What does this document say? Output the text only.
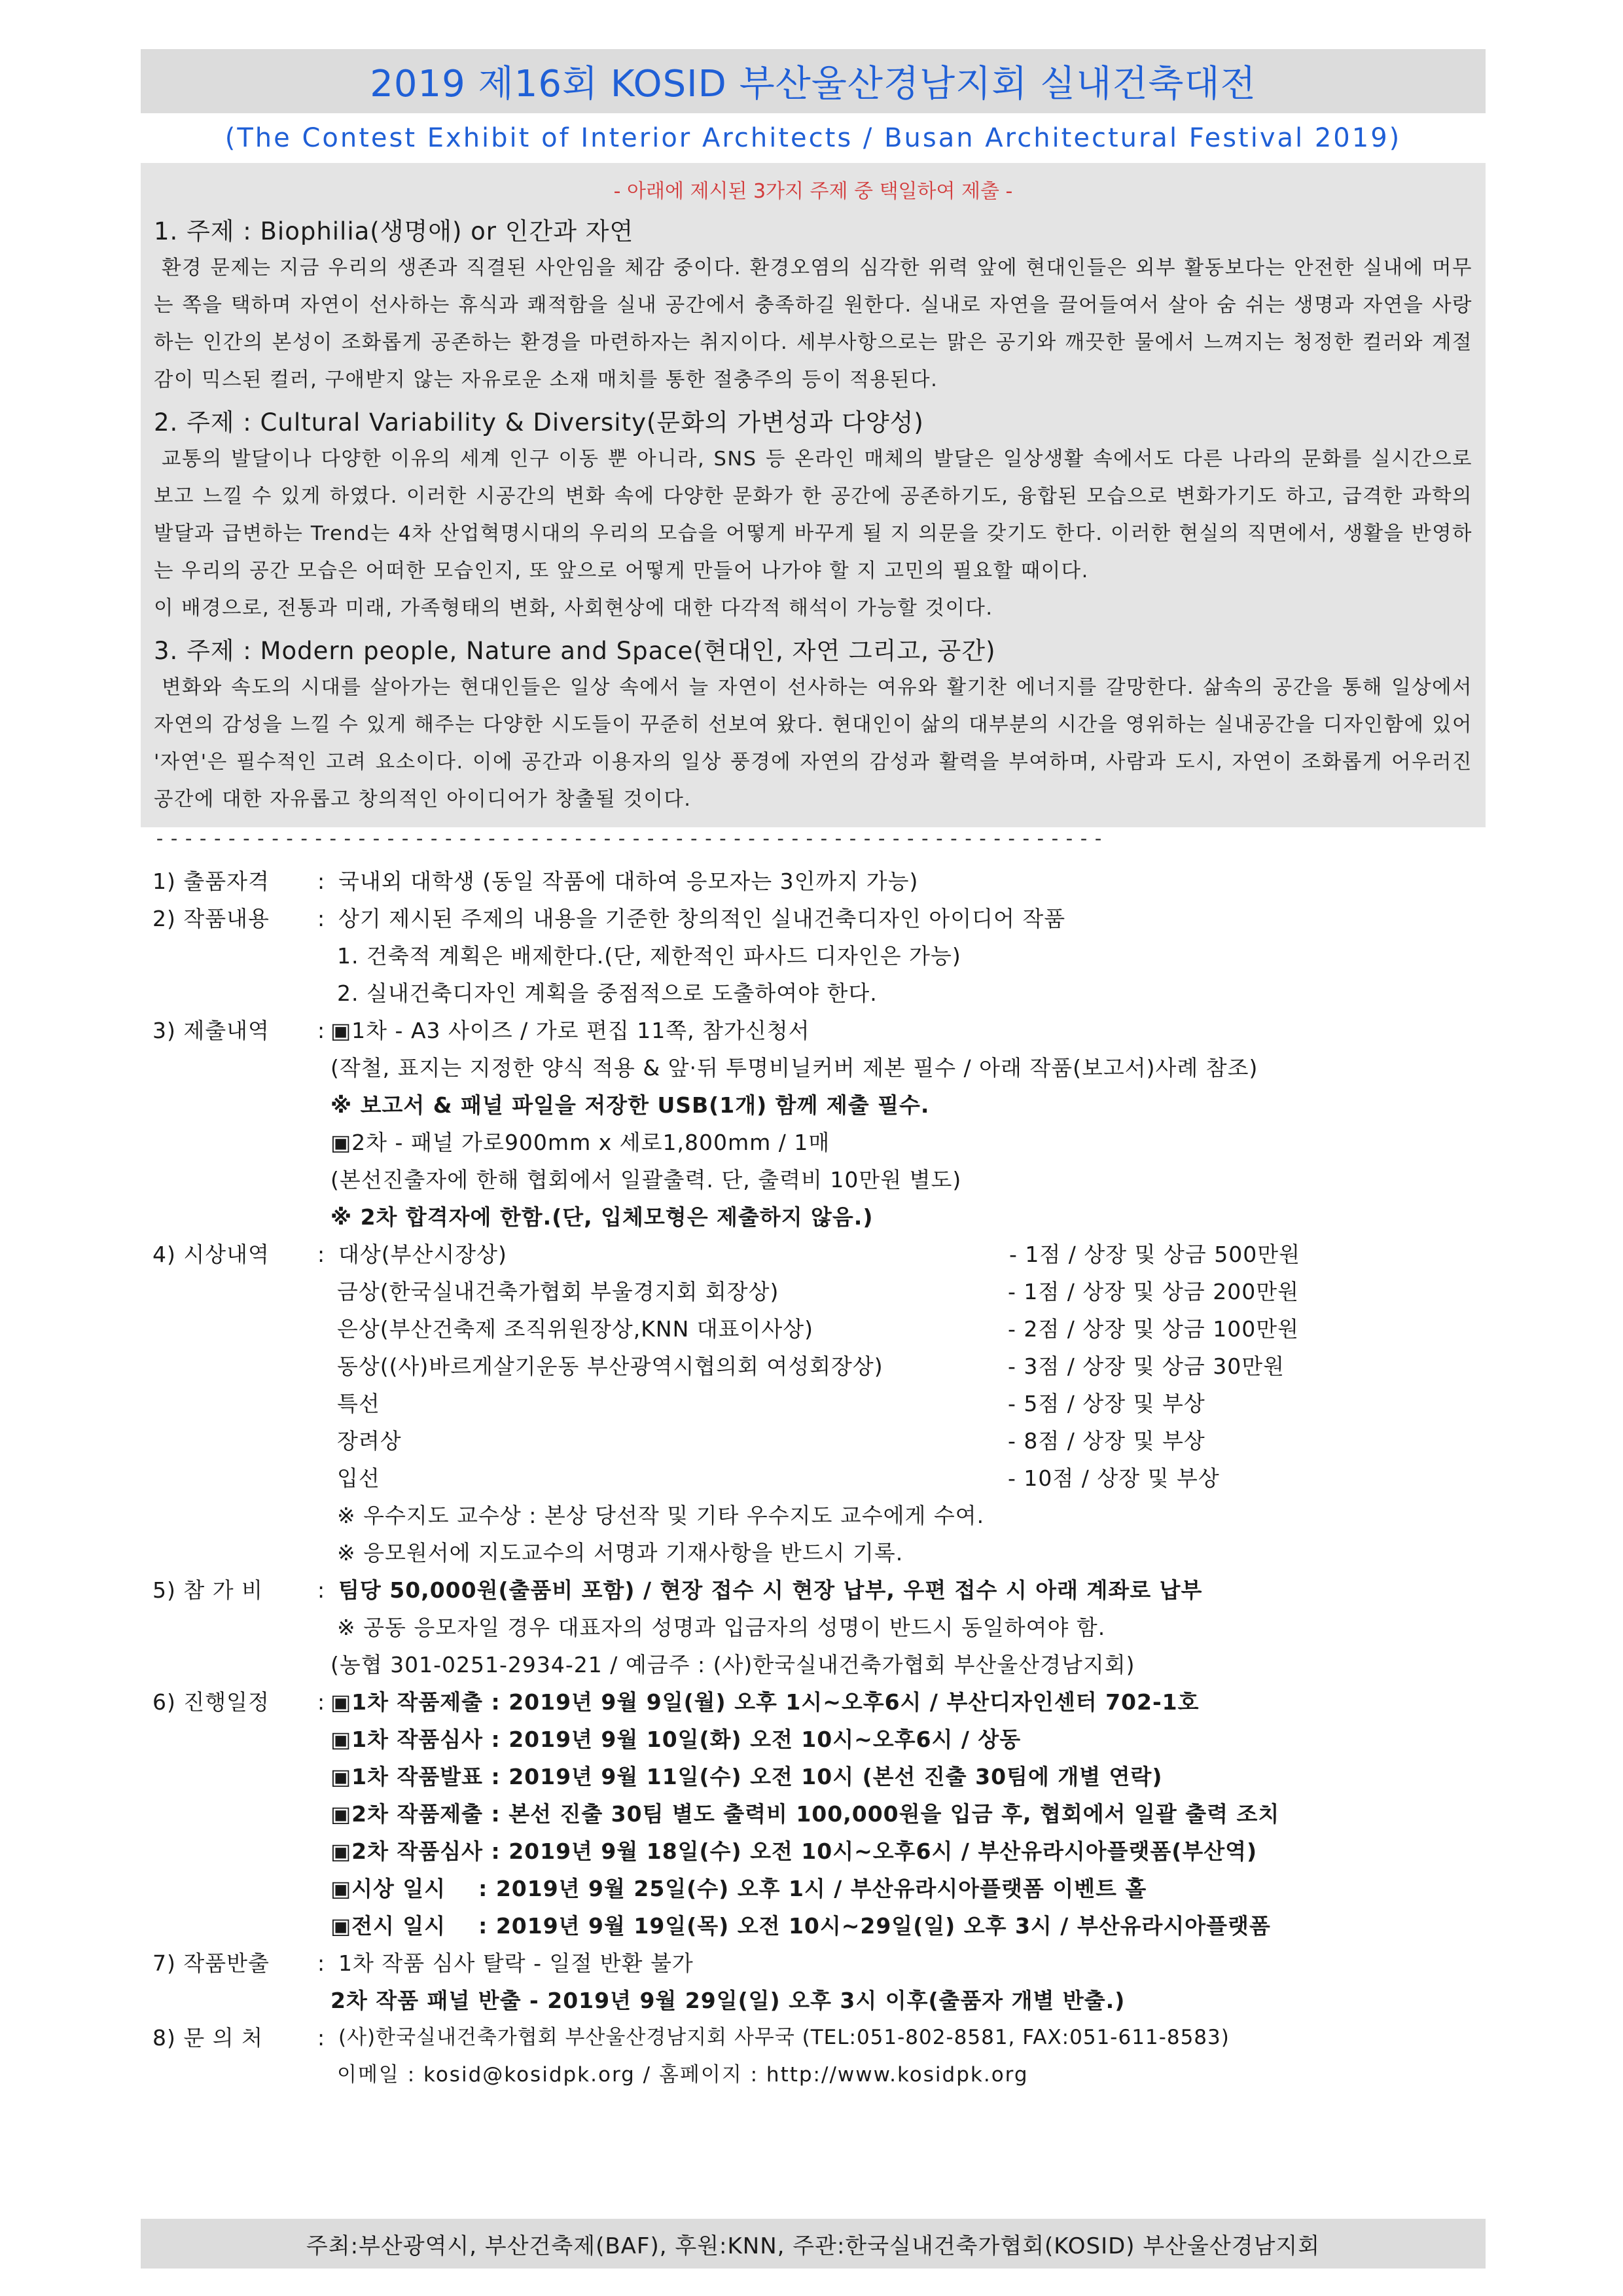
2019 제16회 KOSID 부산울산경남지회 실내건축대전
(The Contest Exhibit of Interior Architects / Busan Architectural Festival 2019)
- 아래에 제시된 3가지 주제 중 택일하여 제출 -
1. 주제 : Biophilia(생명애) or 인간과 자연

환경 문제는 지금 우리의 생존과 직결된 사안임을 체감 중이다. 환경오염의 심각한 위력 앞에 현대인들은 외부 활동보다는 안전한 실내에 머무는 쪽을 택하며 자연이 선사하는 휴식과 쾌적함을 실내 공간에서 충족하길 원한다. 실내로 자연을 끌어들여서 살아 숨 쉬는 생명과 자연을 사랑하는 인간의 본성이 조화롭게 공존하는 환경을 마련하자는 취지이다. 세부사항으로는 맑은 공기와 깨끗한 물에서 느껴지는 청정한 컬러와 계절감이 믹스된 컬러, 구애받지 않는 자유로운 소재 매치를 통한 절충주의 등이 적용된다.

2. 주제 : Cultural Variability & Diversity(문화의 가변성과 다양성)

교통의 발달이나 다양한 이유의 세계 인구 이동 뿐 아니라, SNS 등 온라인 매체의 발달은 일상생활 속에서도 다른 나라의 문화를 실시간으로 보고 느낄 수 있게 하였다. 이러한 시공간의 변화 속에 다양한 문화가 한 공간에 공존하기도, 융합된 모습으로 변화가기도 하고, 급격한 과학의 발달과 급변하는 Trend는 4차 산업혁명시대의 우리의 모습을 어떻게 바꾸게 될 지 의문을 갖기도 한다. 이러한 현실의 직면에서, 생활을 반영하는 우리의 공간 모습은 어떠한 모습인지, 또 앞으로 어떻게 만들어 나가야 할 지 고민의 필요할 때이다.

이 배경으로, 전통과 미래, 가족형태의 변화, 사회현상에 대한 다각적 해석이 가능할 것이다.

3. 주제 : Modern people, Nature and Space(현대인, 자연 그리고, 공간)

변화와 속도의 시대를 살아가는 현대인들은 일상 속에서 늘 자연이 선사하는 여유와 활기찬 에너지를 갈망한다. 삶속의 공간을 통해 일상에서 자연의 감성을 느낄 수 있게 해주는 다양한 시도들이 꾸준히 선보여 왔다. 현대인이 삶의 대부분의 시간을 영위하는 실내공간을 디자인함에 있어 '자연'은 필수적인 고려 요소이다. 이에 공간과 이용자의 일상 풍경에 자연의 감성과 활력을 부여하며, 사람과 도시, 자연이 조화롭게 어우러진 공간에 대한 자유롭고 창의적인 아이디어가 창출될 것이다.

------------------------------------------------------------------
1) 출품자격	: 국내외 대학생 (동일 작품에 대하여 응모자는 3인까지 가능)
2) 작품내용	: 상기 제시된 주제의 내용을 기준한 창의적인 실내건축디자인 아이디어 작품
1. 건축적 계획은 배제한다.(단, 제한적인 파사드 디자인은 가능)
2. 실내건축디자인 계획을 중점적으로 도출하여야 한다.
3) 제출내역	: ▣1차 - A3 사이즈 / 가로 편집 11쪽, 참가신청서
(작철, 표지는 지정한 양식 적용 & 앞·뒤 투명비닐커버 제본 필수 / 아래 작품(보고서)사례 참조)
※ 보고서 & 패널 파일을 저장한 USB(1개) 함께 제출 필수.
▣2차 - 패널 가로900mm x 세로1,800mm / 1매
(본선진출자에 한해 협회에서 일괄출력. 단, 출력비 10만원 별도)
※ 2차 합격자에 한함.(단, 입체모형은 제출하지 않음.)
4) 시상내역	: 대상(부산시장상)	- 1점 / 상장 및 상금 500만원
금상(한국실내건축가협회 부울경지회 회장상)	- 1점 / 상장 및 상금 200만원
은상(부산건축제 조직위원장상,KNN 대표이사상)	- 2점 / 상장 및 상금 100만원
동상((사)바르게살기운동 부산광역시협의회 여성회장상)	- 3점 / 상장 및 상금 30만원
특선	- 5점 / 상장 및 부상
장려상	- 8점 / 상장 및 부상
입선	- 10점 / 상장 및 부상
※ 우수지도 교수상 : 본상 당선작 및 기타 우수지도 교수에게 수여.
※ 응모원서에 지도교수의 서명과 기재사항을 반드시 기록.
5) 참 가 비	: 팀당 50,000원(출품비 포함) / 현장 접수 시 현장 납부, 우편 접수 시 아래 계좌로 납부
※ 공동 응모자일 경우 대표자의 성명과 입금자의 성명이 반드시 동일하여야 함.
(농협 301-0251-2934-21 / 예금주 : (사)한국실내건축가협회 부산울산경남지회)
6) 진행일정	: ▣1차 작품제출 : 2019년 9월 9일(월) 오후 1시~오후6시 / 부산디자인센터 702-1호
▣1차 작품심사 : 2019년 9월 10일(화) 오전 10시~오후6시 / 상동
▣1차 작품발표 : 2019년 9월 11일(수) 오전 10시 (본선 진출 30팀에 개별 연락)
▣2차 작품제출 : 본선 진출 30팀 별도 출력비 100,000원을 입금 후, 협회에서 일괄 출력 조치
▣2차 작품심사 : 2019년 9월 18일(수) 오전 10시~오후6시 / 부산유라시아플랫폼(부산역)
▣시상 일시    : 2019년 9월 25일(수) 오후 1시 / 부산유라시아플랫폼 이벤트 홀
▣전시 일시    : 2019년 9월 19일(목) 오전 10시~29일(일) 오후 3시 / 부산유라시아플랫폼
7) 작품반출	: 1차 작품 심사 탈락 - 일절 반환 불가
2차 작품 패널 반출 - 2019년 9월 29일(일) 오후 3시 이후(출품자 개별 반출.)
8) 문 의 처	: (사)한국실내건축가협회 부산울산경남지회 사무국 (TEL:051-802-8581, FAX:051-611-8583)
이메일 : kosid@kosidpk.org / 홈페이지 : http://www.kosidpk.org
주최:부산광역시, 부산건축제(BAF), 후원:KNN, 주관:한국실내건축가협회(KOSID) 부산울산경남지회
